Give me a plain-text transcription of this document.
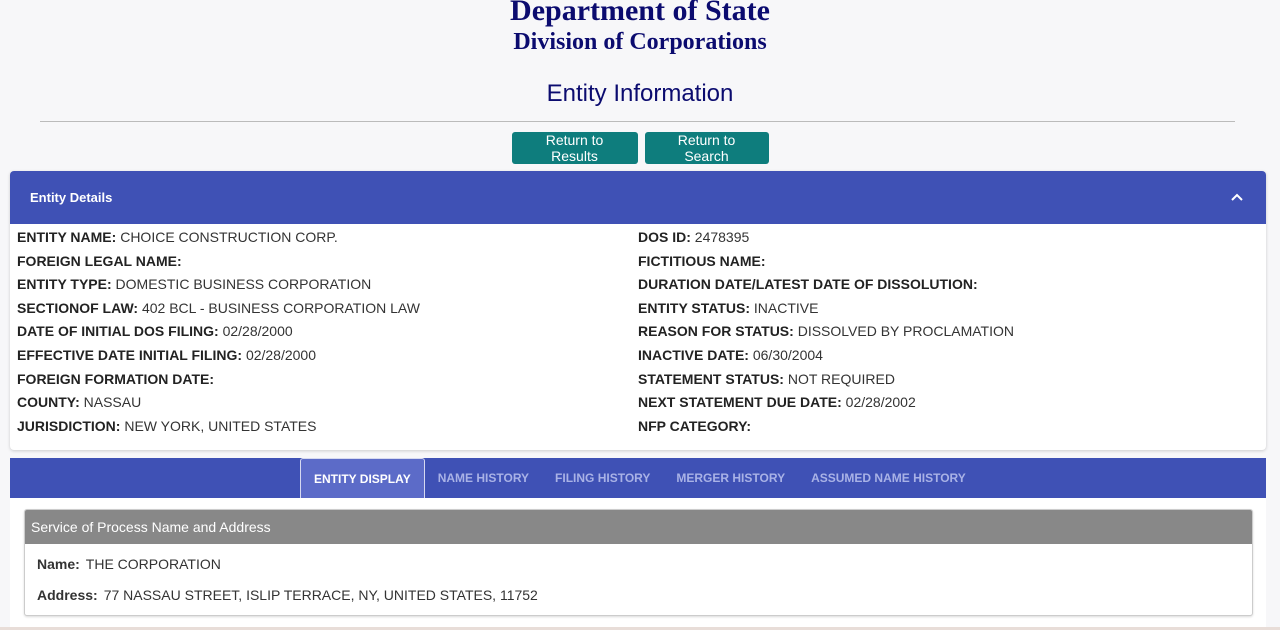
Department of State
Division of Corporations
Entity Information
Return to Results
Return to Search
Entity Details
ENTITY NAME: CHOICE CONSTRUCTION CORP.
FOREIGN LEGAL NAME:
ENTITY TYPE: DOMESTIC BUSINESS CORPORATION
SECTIONOF LAW: 402 BCL - BUSINESS CORPORATION LAW
DATE OF INITIAL DOS FILING: 02/28/2000
EFFECTIVE DATE INITIAL FILING: 02/28/2000
FOREIGN FORMATION DATE:
COUNTY: NASSAU
JURISDICTION: NEW YORK, UNITED STATES
DOS ID: 2478395
FICTITIOUS NAME:
DURATION DATE/LATEST DATE OF DISSOLUTION:
ENTITY STATUS: INACTIVE
REASON FOR STATUS: DISSOLVED BY PROCLAMATION
INACTIVE DATE: 06/30/2004
STATEMENT STATUS: NOT REQUIRED
NEXT STATEMENT DUE DATE: 02/28/2002
NFP CATEGORY:
ENTITY DISPLAY	NAME HISTORY	FILING HISTORY	MERGER HISTORY	ASSUMED NAME HISTORY
Service of Process Name and Address
Name: THE CORPORATION
Address: 77 NASSAU STREET, ISLIP TERRACE, NY, UNITED STATES, 11752
